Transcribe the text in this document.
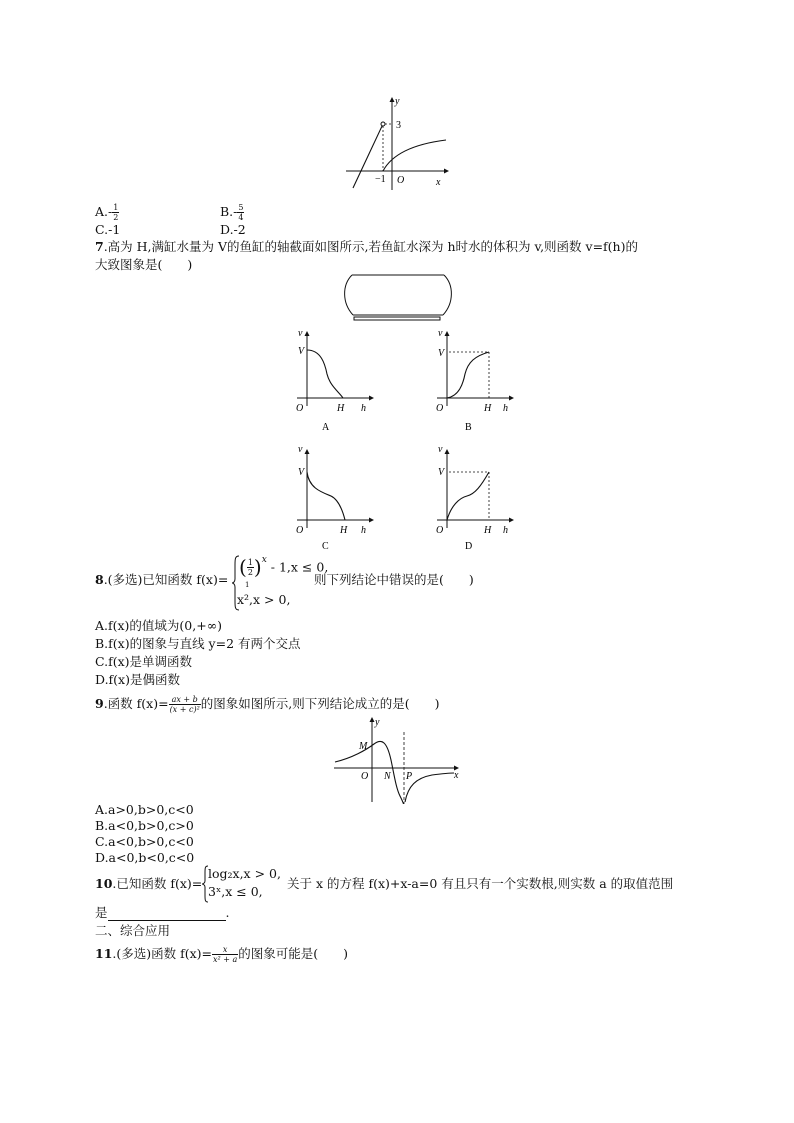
y
x
3
−1 O
$A.- \frac{1}{2}$	$B.- \frac{5}{4}$
C.-1	D.-2
7.高为 H,满缸水量为 V的鱼缸的轴截面如图所示,若鱼缸水深为 h时水的体积为 v,则函数 v=f(h)的
大致图象是(　　)
v
V
O	H h
A
v
V
O	H h
B
v
V
O	H h
C
v
V
O	H h
D
8.(多选)已知函数 f(x)=
( $\frac{1}{2} )^x - 1,x \le 0$,
1
x²,x > 0,
则下列结论中错误的是(　　)
A.f(x)的值域为(0,+∞)
B.f(x)的图象与直线 y=2 有两个交点
C.f(x)是单调函数
D.f(x)是偶函数
9.函数 $f(x)= \frac{ax + b}{\text{(x + c)²}}$ 的图象如图所示,则下列结论成立的是(　　)
y
M
O N P	x
A.a>0,b>0,c<0
B.a<0,b>0,c>0
C.a<0,b>0,c<0
D.a<0,b<0,c<0
10.已知函数 f(x)=
log₂x,x > 0,
3ˣ,x ≤ 0,
关于 x 的方程 f(x)+x-a=0 有且只有一个实数根,则实数 a 的取值范围
是	.
二、综合应用
11.(多选)函数 $f(x)= \frac{x}{\text{x² + a}}$ 的图象可能是(　　)
